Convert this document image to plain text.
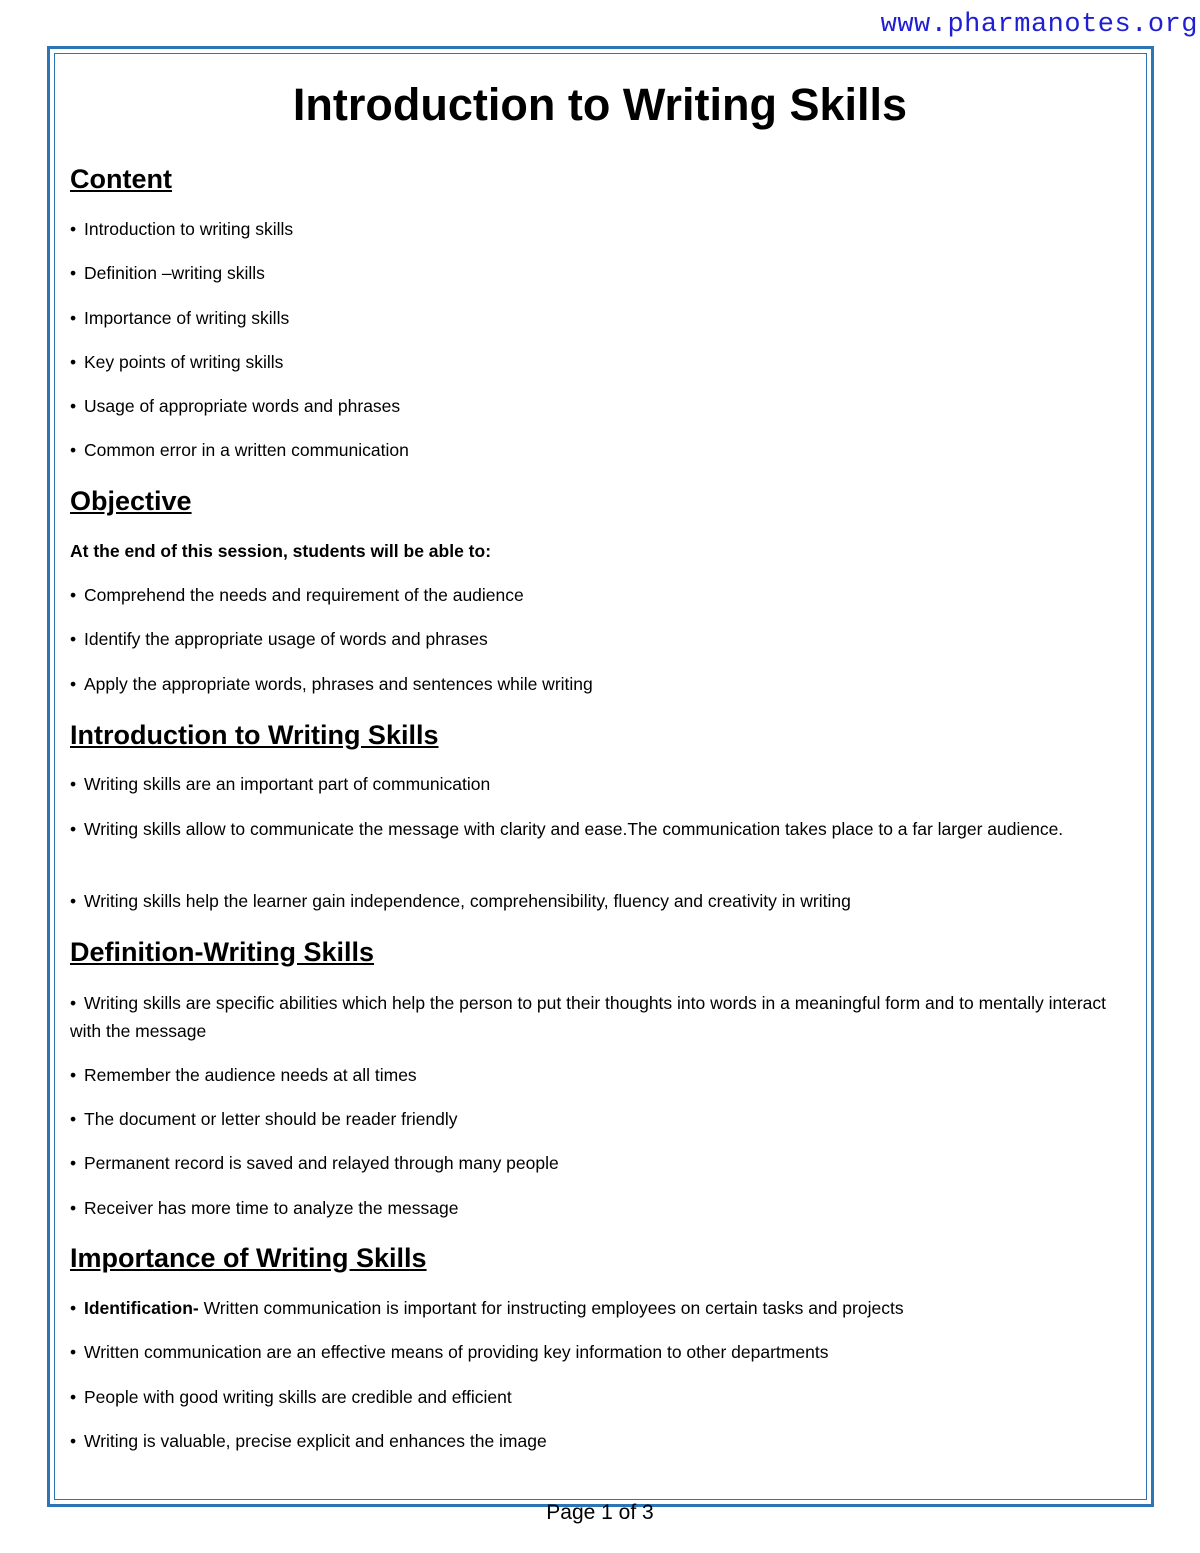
www.pharmanotes.org
Introduction to Writing Skills
Content

• Introduction to writing skills

• Definition –writing skills

• Importance of writing skills

• Key points of writing skills

• Usage of appropriate words and phrases

• Common error in a written communication

Objective

At the end of this session, students will be able to:

• Comprehend the needs and requirement of the audience

• Identify the appropriate usage of words and phrases

• Apply the appropriate words, phrases and sentences while writing

Introduction to Writing Skills

• Writing skills are an important part of communication

• Writing skills allow to communicate the message with clarity and ease.The communication takes place to a far larger audience.

• Writing skills help the learner gain independence, comprehensibility, fluency and creativity in writing

Definition-Writing Skills

• Writing skills are specific abilities which help the person to put their thoughts into words in a meaningful form and to mentally interact with the message

• Remember the audience needs at all times

• The document or letter should be reader friendly

• Permanent record is saved and relayed through many people

• Receiver has more time to analyze the message

Importance of Writing Skills

• Identification- Written communication is important for instructing employees on certain tasks and projects

• Written communication are an effective means of providing key information to other departments

• People with good writing skills are credible and efficient

• Writing is valuable, precise explicit and enhances the image

Page 1 of 3
